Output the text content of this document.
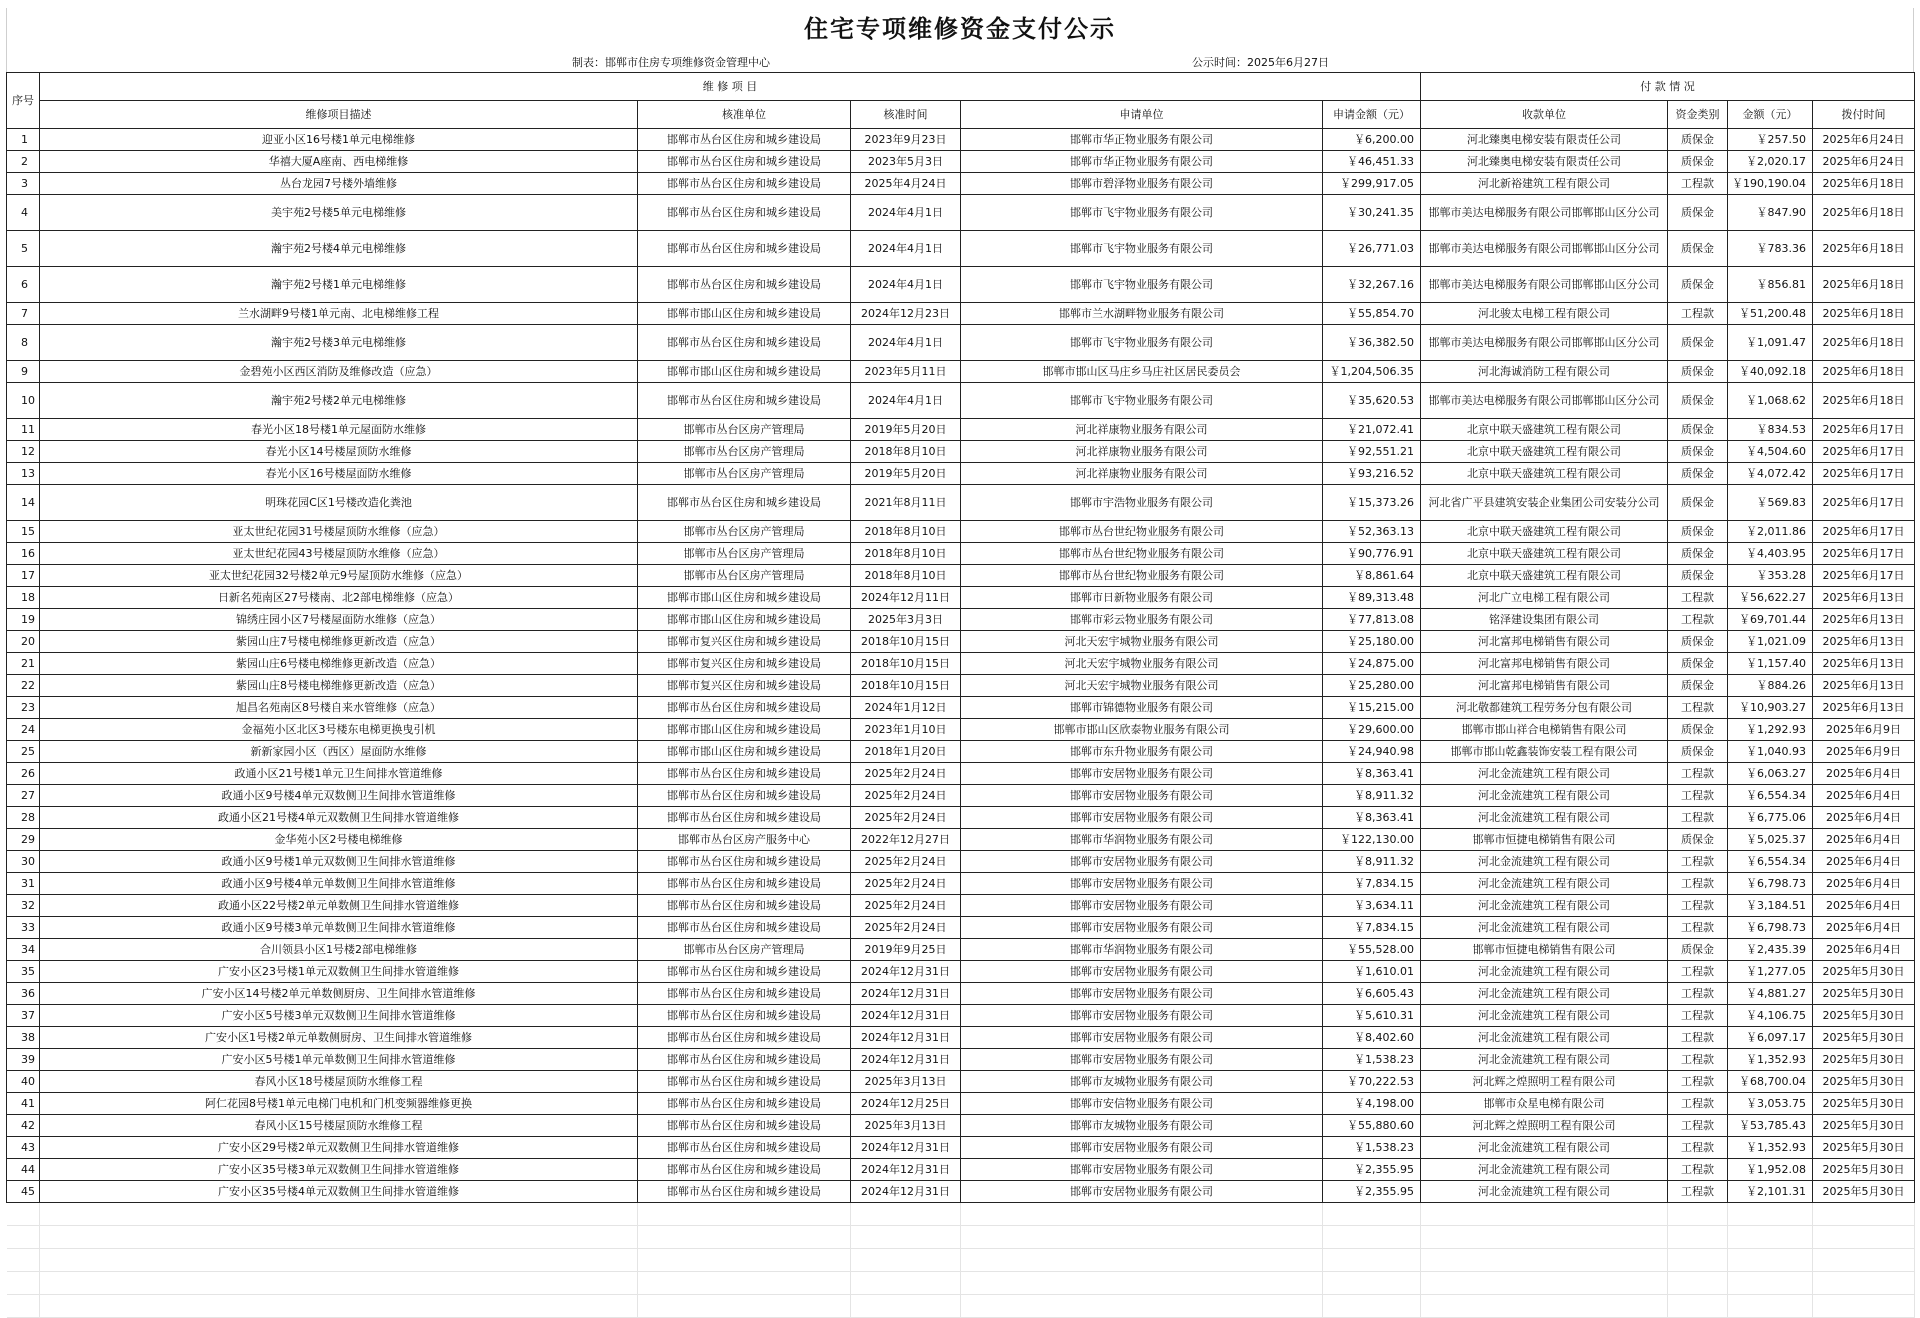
住宅专项维修资金支付公示
制表：邯郸市住房专项维修资金管理中心	公示时间：2025年6月27日
序号	维 修 项 目					付 款 情 况			
	维修项目描述	核准单位	核准时间	申请单位	申请金额（元）	收款单位	资金类别	金额（元）	拨付时间
1	迎亚小区16号楼1单元电梯维修	邯郸市丛台区住房和城乡建设局	2023年9月23日	邯郸市华正物业服务有限公司	￥6,200.00	河北臻奥电梯安装有限责任公司	质保金	￥257.50	2025年6月24日
2	华禧大厦A座南、西电梯维修	邯郸市丛台区住房和城乡建设局	2023年5月3日	邯郸市华正物业服务有限公司	￥46,451.33	河北臻奥电梯安装有限责任公司	质保金	￥2,020.17	2025年6月24日
3	丛台龙园7号楼外墙维修	邯郸市丛台区住房和城乡建设局	2025年4月24日	邯郸市碧泽物业服务有限公司	￥299,917.05	河北新裕建筑工程有限公司	工程款	￥190,190.04	2025年6月18日
4	美宇苑2号楼5单元电梯维修	邯郸市丛台区住房和城乡建设局	2024年4月1日	邯郸市飞宇物业服务有限公司	￥30,241.35	邯郸市美达电梯服务有限公司邯郸邯山区分公司	质保金	￥847.90	2025年6月18日
5	瀚宇苑2号楼4单元电梯维修	邯郸市丛台区住房和城乡建设局	2024年4月1日	邯郸市飞宇物业服务有限公司	￥26,771.03	邯郸市美达电梯服务有限公司邯郸邯山区分公司	质保金	￥783.36	2025年6月18日
6	瀚宇苑2号楼1单元电梯维修	邯郸市丛台区住房和城乡建设局	2024年4月1日	邯郸市飞宇物业服务有限公司	￥32,267.16	邯郸市美达电梯服务有限公司邯郸邯山区分公司	质保金	￥856.81	2025年6月18日
7	兰水湖畔9号楼1单元南、北电梯维修工程	邯郸市邯山区住房和城乡建设局	2024年12月23日	邯郸市兰水湖畔物业服务有限公司	￥55,854.70	河北骏太电梯工程有限公司	工程款	￥51,200.48	2025年6月18日
8	瀚宇苑2号楼3单元电梯维修	邯郸市丛台区住房和城乡建设局	2024年4月1日	邯郸市飞宇物业服务有限公司	￥36,382.50	邯郸市美达电梯服务有限公司邯郸邯山区分公司	质保金	￥1,091.47	2025年6月18日
9	金碧苑小区西区消防及维修改造（应急）	邯郸市邯山区住房和城乡建设局	2023年5月11日	邯郸市邯山区马庄乡马庄社区居民委员会	￥1,204,506.35	河北海诚消防工程有限公司	质保金	￥40,092.18	2025年6月18日
10	瀚宇苑2号楼2单元电梯维修	邯郸市丛台区住房和城乡建设局	2024年4月1日	邯郸市飞宇物业服务有限公司	￥35,620.53	邯郸市美达电梯服务有限公司邯郸邯山区分公司	质保金	￥1,068.62	2025年6月18日
11	春光小区18号楼1单元屋面防水维修	邯郸市丛台区房产管理局	2019年5月20日	河北祥康物业服务有限公司	￥21,072.41	北京中联天盛建筑工程有限公司	质保金	￥834.53	2025年6月17日
12	春光小区14号楼屋顶防水维修	邯郸市丛台区房产管理局	2018年8月10日	河北祥康物业服务有限公司	￥92,551.21	北京中联天盛建筑工程有限公司	质保金	￥4,504.60	2025年6月17日
13	春光小区16号楼屋面防水维修	邯郸市丛台区房产管理局	2019年5月20日	河北祥康物业服务有限公司	￥93,216.52	北京中联天盛建筑工程有限公司	质保金	￥4,072.42	2025年6月17日
14	明珠花园C区1号楼改造化粪池	邯郸市丛台区住房和城乡建设局	2021年8月11日	邯郸市宇浩物业服务有限公司	￥15,373.26	河北省广平县建筑安装企业集团公司安装分公司	质保金	￥569.83	2025年6月17日
15	亚太世纪花园31号楼屋顶防水维修（应急）	邯郸市丛台区房产管理局	2018年8月10日	邯郸市丛台世纪物业服务有限公司	￥52,363.13	北京中联天盛建筑工程有限公司	质保金	￥2,011.86	2025年6月17日
16	亚太世纪花园43号楼屋顶防水维修（应急）	邯郸市丛台区房产管理局	2018年8月10日	邯郸市丛台世纪物业服务有限公司	￥90,776.91	北京中联天盛建筑工程有限公司	质保金	￥4,403.95	2025年6月17日
17	亚太世纪花园32号楼2单元9号屋顶防水维修（应急）	邯郸市丛台区房产管理局	2018年8月10日	邯郸市丛台世纪物业服务有限公司	￥8,861.64	北京中联天盛建筑工程有限公司	质保金	￥353.28	2025年6月17日
18	日新名苑南区27号楼南、北2部电梯维修（应急）	邯郸市邯山区住房和城乡建设局	2024年12月11日	邯郸市日新物业服务有限公司	￥89,313.48	河北广立电梯工程有限公司	工程款	￥56,622.27	2025年6月13日
19	锦绣庄园小区7号楼屋面防水维修（应急）	邯郸市邯山区住房和城乡建设局	2025年3月3日	邯郸市彩云物业服务有限公司	￥77,813.08	铭泽建设集团有限公司	工程款	￥69,701.44	2025年6月13日
20	紫园山庄7号楼电梯维修更新改造（应急）	邯郸市复兴区住房和城乡建设局	2018年10月15日	河北天宏宇城物业服务有限公司	￥25,180.00	河北富邦电梯销售有限公司	质保金	￥1,021.09	2025年6月13日
21	紫园山庄6号楼电梯维修更新改造（应急）	邯郸市复兴区住房和城乡建设局	2018年10月15日	河北天宏宇城物业服务有限公司	￥24,875.00	河北富邦电梯销售有限公司	质保金	￥1,157.40	2025年6月13日
22	紫园山庄8号楼电梯维修更新改造（应急）	邯郸市复兴区住房和城乡建设局	2018年10月15日	河北天宏宇城物业服务有限公司	￥25,280.00	河北富邦电梯销售有限公司	质保金	￥884.26	2025年6月13日
23	旭昌名苑南区8号楼自来水管维修（应急）	邯郸市丛台区住房和城乡建设局	2024年1月12日	邯郸市锦德物业服务有限公司	￥15,215.00	河北敬都建筑工程劳务分包有限公司	工程款	￥10,903.27	2025年6月13日
24	金福苑小区北区3号楼东电梯更换曳引机	邯郸市邯山区住房和城乡建设局	2023年1月10日	邯郸市邯山区欣泰物业服务有限公司	￥29,600.00	邯郸市邯山祥合电梯销售有限公司	质保金	￥1,292.93	2025年6月9日
25	新新家园小区（西区）屋面防水维修	邯郸市邯山区住房和城乡建设局	2018年1月20日	邯郸市东升物业服务有限公司	￥24,940.98	邯郸市邯山乾鑫装饰安装工程有限公司	质保金	￥1,040.93	2025年6月9日
26	政通小区21号楼1单元卫生间排水管道维修	邯郸市丛台区住房和城乡建设局	2025年2月24日	邯郸市安居物业服务有限公司	￥8,363.41	河北金流建筑工程有限公司	工程款	￥6,063.27	2025年6月4日
27	政通小区9号楼4单元双数侧卫生间排水管道维修	邯郸市丛台区住房和城乡建设局	2025年2月24日	邯郸市安居物业服务有限公司	￥8,911.32	河北金流建筑工程有限公司	工程款	￥6,554.34	2025年6月4日
28	政通小区21号楼4单元双数侧卫生间排水管道维修	邯郸市丛台区住房和城乡建设局	2025年2月24日	邯郸市安居物业服务有限公司	￥8,363.41	河北金流建筑工程有限公司	工程款	￥6,775.06	2025年6月4日
29	金华苑小区2号楼电梯维修	邯郸市丛台区房产服务中心	2022年12月27日	邯郸市华润物业服务有限公司	￥122,130.00	邯郸市恒捷电梯销售有限公司	质保金	￥5,025.37	2025年6月4日
30	政通小区9号楼1单元双数侧卫生间排水管道维修	邯郸市丛台区住房和城乡建设局	2025年2月24日	邯郸市安居物业服务有限公司	￥8,911.32	河北金流建筑工程有限公司	工程款	￥6,554.34	2025年6月4日
31	政通小区9号楼4单元单数侧卫生间排水管道维修	邯郸市丛台区住房和城乡建设局	2025年2月24日	邯郸市安居物业服务有限公司	￥7,834.15	河北金流建筑工程有限公司	工程款	￥6,798.73	2025年6月4日
32	政通小区22号楼2单元单数侧卫生间排水管道维修	邯郸市丛台区住房和城乡建设局	2025年2月24日	邯郸市安居物业服务有限公司	￥3,634.11	河北金流建筑工程有限公司	工程款	￥3,184.51	2025年6月4日
33	政通小区9号楼3单元单数侧卫生间排水管道维修	邯郸市丛台区住房和城乡建设局	2025年2月24日	邯郸市安居物业服务有限公司	￥7,834.15	河北金流建筑工程有限公司	工程款	￥6,798.73	2025年6月4日
34	合川领县小区1号楼2部电梯维修	邯郸市丛台区房产管理局	2019年9月25日	邯郸市华润物业服务有限公司	￥55,528.00	邯郸市恒捷电梯销售有限公司	质保金	￥2,435.39	2025年6月4日
35	广安小区23号楼1单元双数侧卫生间排水管道维修	邯郸市丛台区住房和城乡建设局	2024年12月31日	邯郸市安居物业服务有限公司	￥1,610.01	河北金流建筑工程有限公司	工程款	￥1,277.05	2025年5月30日
36	广安小区14号楼2单元单数侧厨房、卫生间排水管道维修	邯郸市丛台区住房和城乡建设局	2024年12月31日	邯郸市安居物业服务有限公司	￥6,605.43	河北金流建筑工程有限公司	工程款	￥4,881.27	2025年5月30日
37	广安小区5号楼3单元双数侧卫生间排水管道维修	邯郸市丛台区住房和城乡建设局	2024年12月31日	邯郸市安居物业服务有限公司	￥5,610.31	河北金流建筑工程有限公司	工程款	￥4,106.75	2025年5月30日
38	广安小区1号楼2单元单数侧厨房、卫生间排水管道维修	邯郸市丛台区住房和城乡建设局	2024年12月31日	邯郸市安居物业服务有限公司	￥8,402.60	河北金流建筑工程有限公司	工程款	￥6,097.17	2025年5月30日
39	广安小区5号楼1单元单数侧卫生间排水管道维修	邯郸市丛台区住房和城乡建设局	2024年12月31日	邯郸市安居物业服务有限公司	￥1,538.23	河北金流建筑工程有限公司	工程款	￥1,352.93	2025年5月30日
40	春风小区18号楼屋顶防水维修工程	邯郸市丛台区住房和城乡建设局	2025年3月13日	邯郸市友城物业服务有限公司	￥70,222.53	河北辉之煌照明工程有限公司	工程款	￥68,700.04	2025年5月30日
41	阿仁花园8号楼1单元电梯门电机和门机变频器维修更换	邯郸市丛台区住房和城乡建设局	2024年12月25日	邯郸市安信物业服务有限公司	￥4,198.00	邯郸市众星电梯有限公司	工程款	￥3,053.75	2025年5月30日
42	春风小区15号楼屋顶防水维修工程	邯郸市丛台区住房和城乡建设局	2025年3月13日	邯郸市友城物业服务有限公司	￥55,880.60	河北辉之煌照明工程有限公司	工程款	￥53,785.43	2025年5月30日
43	广安小区29号楼2单元双数侧卫生间排水管道维修	邯郸市丛台区住房和城乡建设局	2024年12月31日	邯郸市安居物业服务有限公司	￥1,538.23	河北金流建筑工程有限公司	工程款	￥1,352.93	2025年5月30日
44	广安小区35号楼3单元双数侧卫生间排水管道维修	邯郸市丛台区住房和城乡建设局	2024年12月31日	邯郸市安居物业服务有限公司	￥2,355.95	河北金流建筑工程有限公司	工程款	￥1,952.08	2025年5月30日
45	广安小区35号楼4单元双数侧卫生间排水管道维修	邯郸市丛台区住房和城乡建设局	2024年12月31日	邯郸市安居物业服务有限公司	￥2,355.95	河北金流建筑工程有限公司	工程款	￥2,101.31	2025年5月30日
